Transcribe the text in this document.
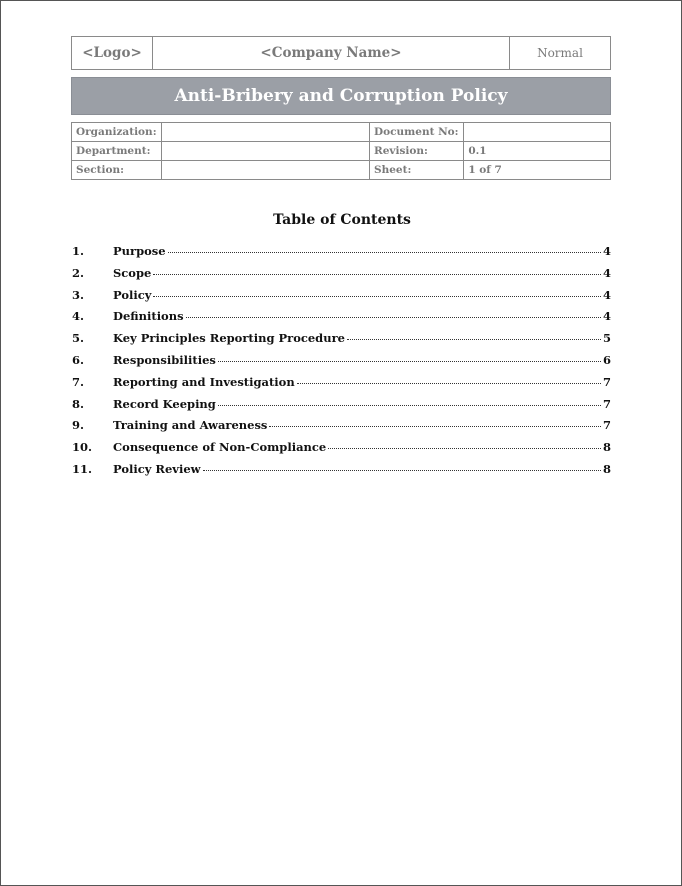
<Logo>	<Company Name>	Normal
Anti-Bribery and Corruption Policy
Organization:		Document No:	
Department:		Revision:	0.1
Section:		Sheet:	1 of 7
Table of Contents
1.	Purpose	4
2.	Scope	4
3.	Policy	4
4.	Definitions	4
5.	Key Principles Reporting Procedure	5
6.	Responsibilities	6
7.	Reporting and Investigation	7
8.	Record Keeping	7
9.	Training and Awareness	7
10.	Consequence of Non-Compliance	8
11.	Policy Review	8
